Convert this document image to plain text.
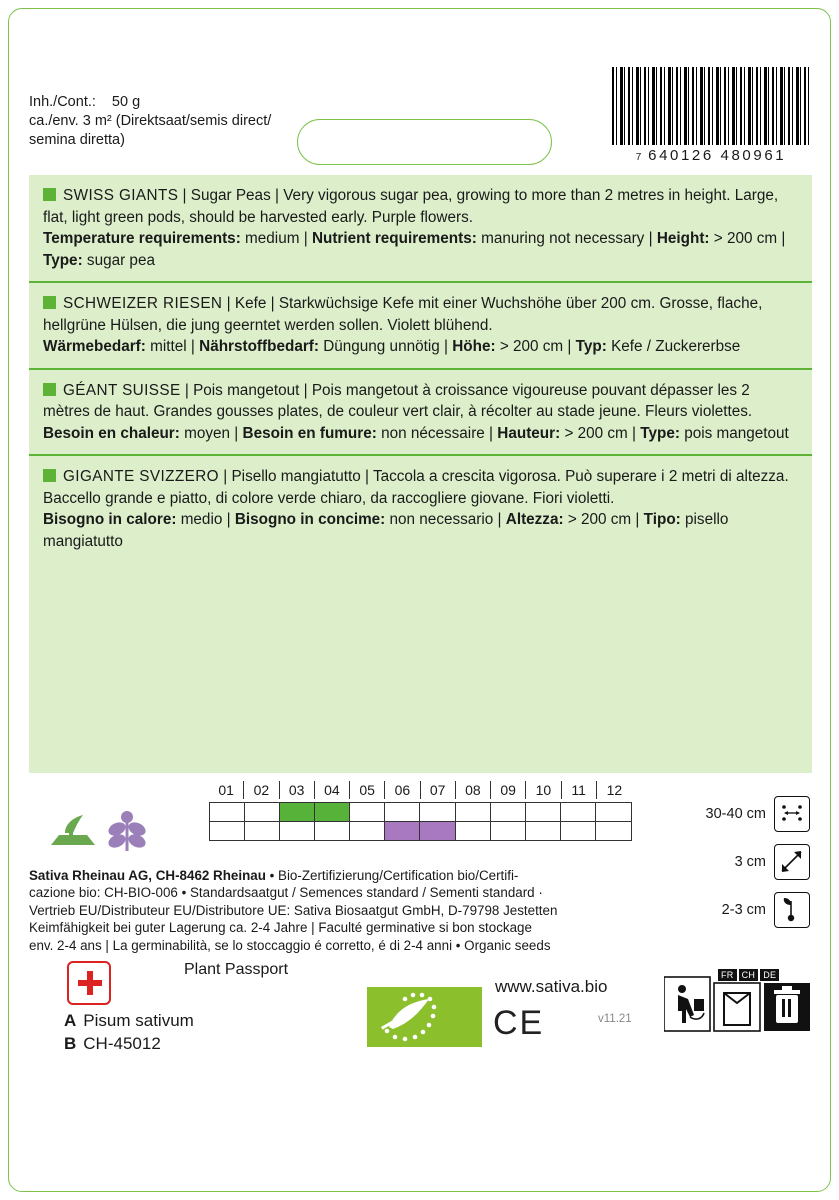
Inh./Cont.: 50 g
ca./env. 3 m² (Direktsaat/semis direct/
semina diretta)
7 640126 480961
SWISS GIANTS | Sugar Peas | Very vigorous sugar pea, growing to more than 2 metres in height. Large, flat, light green pods, should be harvested early. Purple flowers.
Temperature requirements: medium | Nutrient requirements: manuring not necessary | Height: > 200 cm | Type: sugar pea
SCHWEIZER RIESEN | Kefe | Starkwüchsige Kefe mit einer Wuchshöhe über 200 cm. Grosse, flache, hellgrüne Hülsen, die jung geerntet werden sollen. Violett blühend.
Wärmebedarf: mittel | Nährstoffbedarf: Düngung unnötig | Höhe: > 200 cm | Typ: Kefe / Zuckererbse
GÉANT SUISSE | Pois mangetout | Pois mangetout à croissance vigoureuse pouvant dépasser les 2 mètres de haut. Grandes gousses plates, de couleur vert clair, à récolter au stade jeune. Fleurs violettes.
Besoin en chaleur: moyen | Besoin en fumure: non nécessaire | Hauteur: > 200 cm | Type: pois mangetout
GIGANTE SVIZZERO | Pisello mangiatutto | Taccola a crescita vigorosa. Può superare i 2 metri di altezza. Baccello grande e piatto, di colore verde chiaro, da raccogliere giovane. Fiori violetti.
Bisogno in calore: medio | Bisogno in concime: non necessario | Altezza: > 200 cm | Tipo: pisello mangiatutto
01	02	03	04	05	06	07	08	09	10	11	12
30-40 cm
3 cm
2-3 cm
Sativa Rheinau AG, CH-8462 Rheinau • Bio-Zertifizierung/Certification bio/Certifi-
cazione bio: CH-BIO-006 • Standardsaatgut / Semences standard / Sementi standard ·
Vertrieb EU/Distributeur EU/Distributore UE: Sativa Biosaatgut GmbH, D-79798 Jestetten
Keimfähigkeit bei guter Lagerung ca. 2-4 Jahre | Faculté germinative si bon stockage
env. 2-4 ans | La germinabilità, se lo stoccaggio é corretto, é di 2-4 anni • Organic seeds
Plant Passport
A Pisum sativum
B CH-45012
www.sativa.bio
CE	v11.21
FR CH DE
